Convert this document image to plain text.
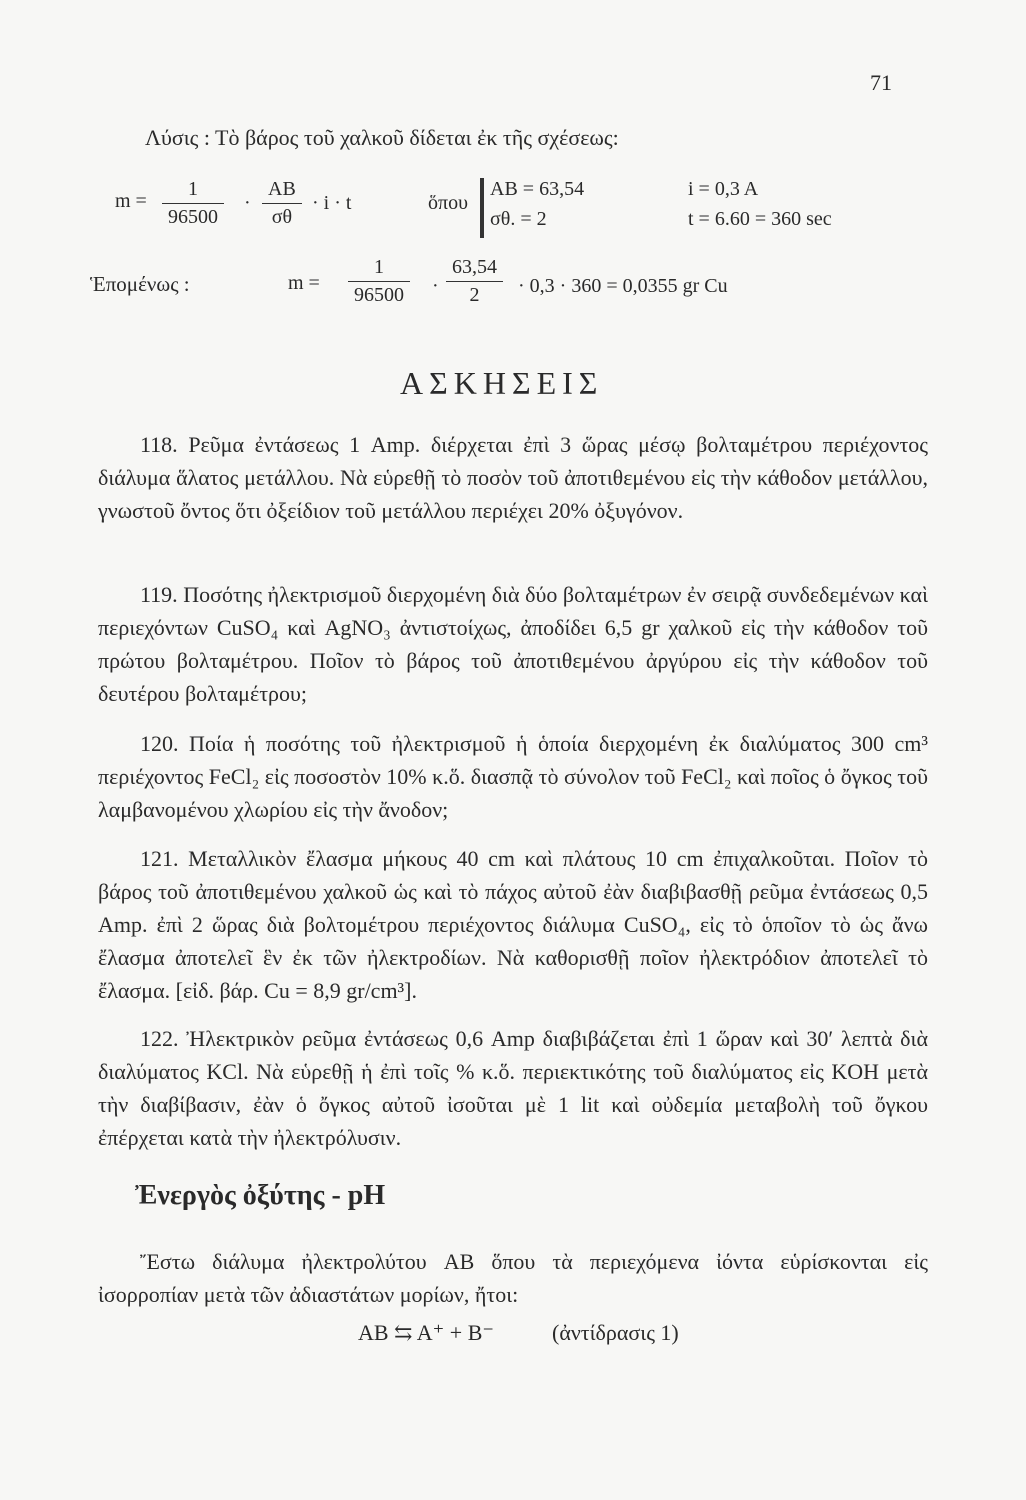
71
Λύσις : Τὸ βάρος τοῦ χαλκοῦ δίδεται ἐκ τῆς σχέσεως:
m =
1
96500
·
AB
σθ
· i · t	ὅπου
AB = 63,54
σθ. = 2
i = 0,3 A
t = 6.60 = 360 sec
Ἑπομένως :	m =
1
96500	·
63,54
2	· 0,3 · 360 = 0,0355 gr Cu
ΑΣΚΗΣΕΙΣ

118. Ρεῦμα ἐντάσεως 1 Amp. διέρχεται ἐπὶ 3 ὥρας μέσῳ βολταμέτρου περιέχοντος διάλυμα ἅλατος μετάλλου. Νὰ εὑρεθῇ τὸ ποσὸν τοῦ ἀποτιθεμένου εἰς τὴν κάθοδον μετάλλου, γνωστοῦ ὄντος ὅτι ὀξείδιον τοῦ μετάλλου περιέχει 20% ὀξυγόνον.

119. Ποσότης ἠλεκτρισμοῦ διερχομένη διὰ δύο βολταμέτρων ἐν σειρᾷ συνδεδεμένων καὶ περιεχόντων CuSO₄ καὶ AgNO₃ ἀντιστοίχως, ἀποδίδει 6,5 gr χαλκοῦ εἰς τὴν κάθοδον τοῦ πρώτου βολταμέτρου. Ποῖον τὸ βάρος τοῦ ἀποτιθεμένου ἀργύρου εἰς τὴν κάθοδον τοῦ δευτέρου βολταμέτρου;

120. Ποία ἡ ποσότης τοῦ ἠλεκτρισμοῦ ἡ ὁποία διερχομένη ἐκ διαλύματος 300 cm³ περιέχοντος FeCl₂ εἰς ποσοστὸν 10% κ.ὅ. διασπᾷ τὸ σύνολον τοῦ FeCl₂ καὶ ποῖος ὁ ὄγκος τοῦ λαμβανομένου χλωρίου εἰς τὴν ἄνοδον;

121. Μεταλλικὸν ἔλασμα μήκους 40 cm καὶ πλάτους 10 cm ἐπιχαλκοῦται. Ποῖον τὸ βάρος τοῦ ἀποτιθεμένου χαλκοῦ ὡς καὶ τὸ πάχος αὐτοῦ ἐὰν διαβιβασθῇ ρεῦμα ἐντάσεως 0,5 Amp. ἐπὶ 2 ὥρας διὰ βολτομέτρου περιέχοντος διάλυμα CuSO₄, εἰς τὸ ὁποῖον τὸ ὡς ἄνω ἔλασμα ἀποτελεῖ ἓν ἐκ τῶν ἠλεκτροδίων. Νὰ καθορισθῇ ποῖον ἠλεκτρόδιον ἀποτελεῖ τὸ ἔλασμα. [εἰδ. βάρ. Cu = 8,9 gr/cm³].

122. Ἠλεκτρικὸν ρεῦμα ἐντάσεως 0,6 Amp διαβιβάζεται ἐπὶ 1 ὥραν καὶ 30′ λεπτὰ διὰ διαλύματος KCl. Νὰ εὑρεθῇ ἡ ἐπὶ τοῖς % κ.ὅ. περιεκτικότης τοῦ διαλύματος εἰς KOH μετὰ τὴν διαβίβασιν, ἐὰν ὁ ὄγκος αὐτοῦ ἰσοῦται μὲ 1 lit καὶ οὐδεμία μεταβολὴ τοῦ ὄγκου ἐπέρχεται κατὰ τὴν ἠλεκτρόλυσιν.

Ἐνεργὸς ὀξύτης - pH

Ἔστω διάλυμα ἠλεκτρολύτου AB ὅπου τὰ περιεχόμενα ἰόντα εὑρίσκονται εἰς ἰσορροπίαν μετὰ τῶν ἀδιαστάτων μορίων, ἤτοι:

AB ⇆ A⁺ + B⁻	(ἀντίδρασις 1)
